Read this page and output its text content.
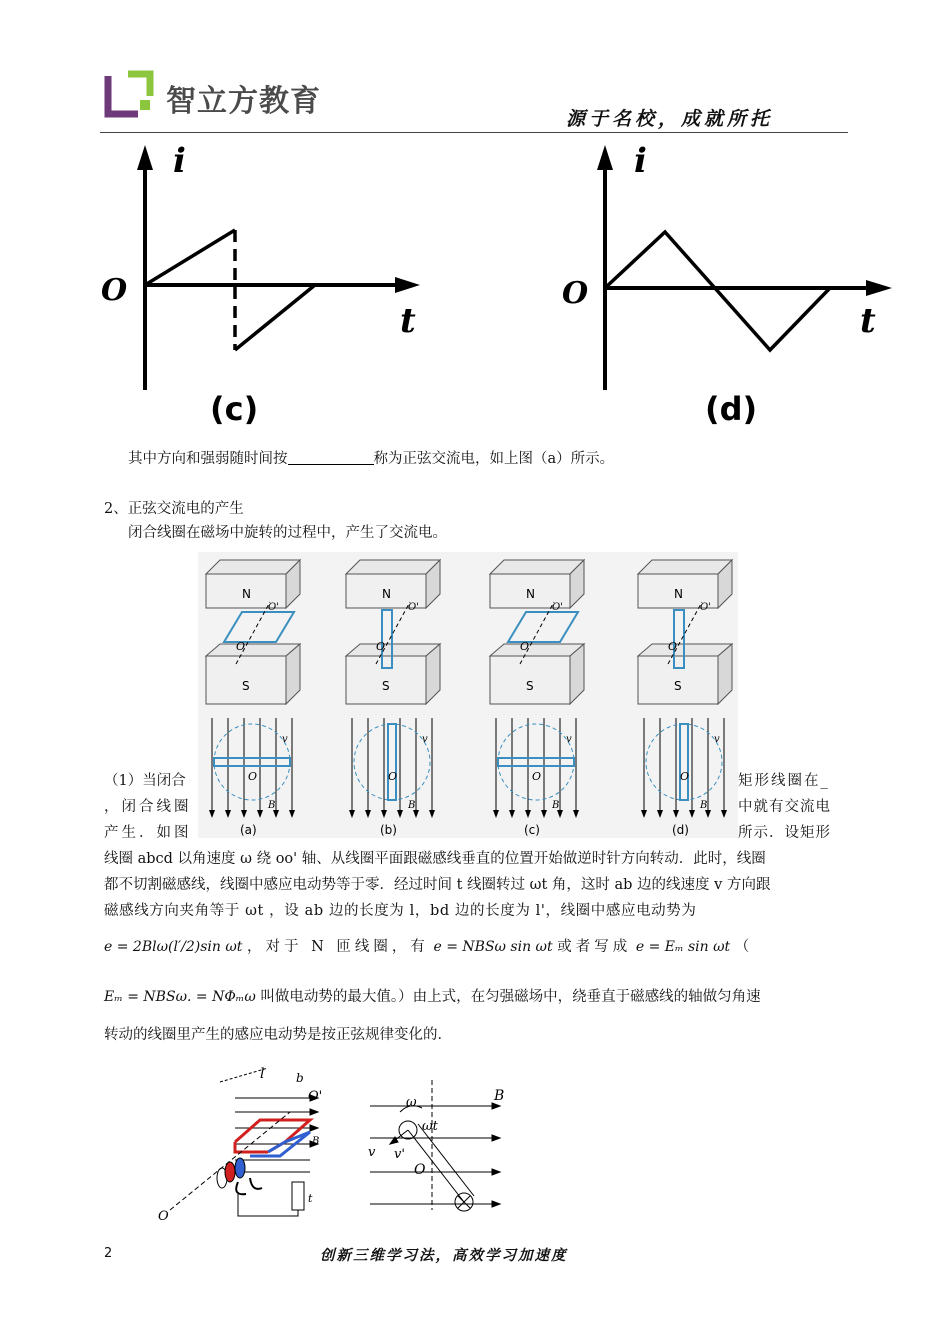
智立方教育	源于名校，成就所托
i
t
O
(c)
i
t
O
(d)
其中方向和强弱随时间按	称为正弦交流电，如上图（a）所示。
2、正弦交流电的产生
闭合线圈在磁场中旋转的过程中，产生了交流电。
N
S
O
O'
N
S
O
O'
N
S
O
O'
N
S
O
O'
O
v
B
(a)
O
v
B
(b)
O
v
B
(c)
O
v
B
(d)
（1）当闭合
，闭合线圈
产生．如图
矩形线圈在_
中就有交流电
所示．设矩形
线圈 abcd 以角速度 ω 绕 oo' 轴、从线圈平面跟磁感线垂直的位置开始做逆时针方向转动．此时，线圈
都不切割磁感线，线圈中感应电动势等于零．经过时间 t 线圈转过 ωt 角，这时 ab 边的线速度 v 方向跟
磁感线方向夹角等于 ωt ，设 ab 边的长度为 l，bd 边的长度为 l'，线圈中感应电动势为
e = 2Blω(l′/2)sin ωt ，对于 N 匝线圈，有 e = NBSω sin ωt 或者写成 e = Eₘ sin ωt （
Eₘ = NBSω. = NΦₘω 叫做电动势的最大值。）由上式，在匀强磁场中，绕垂直于磁感线的轴做匀角速
转动的线圈里产生的感应电动势是按正弦规律变化的．
l	b
O'
B
O
t
ω
ωt
B
v v'
O
2	创新三维学习法，高效学习加速度
